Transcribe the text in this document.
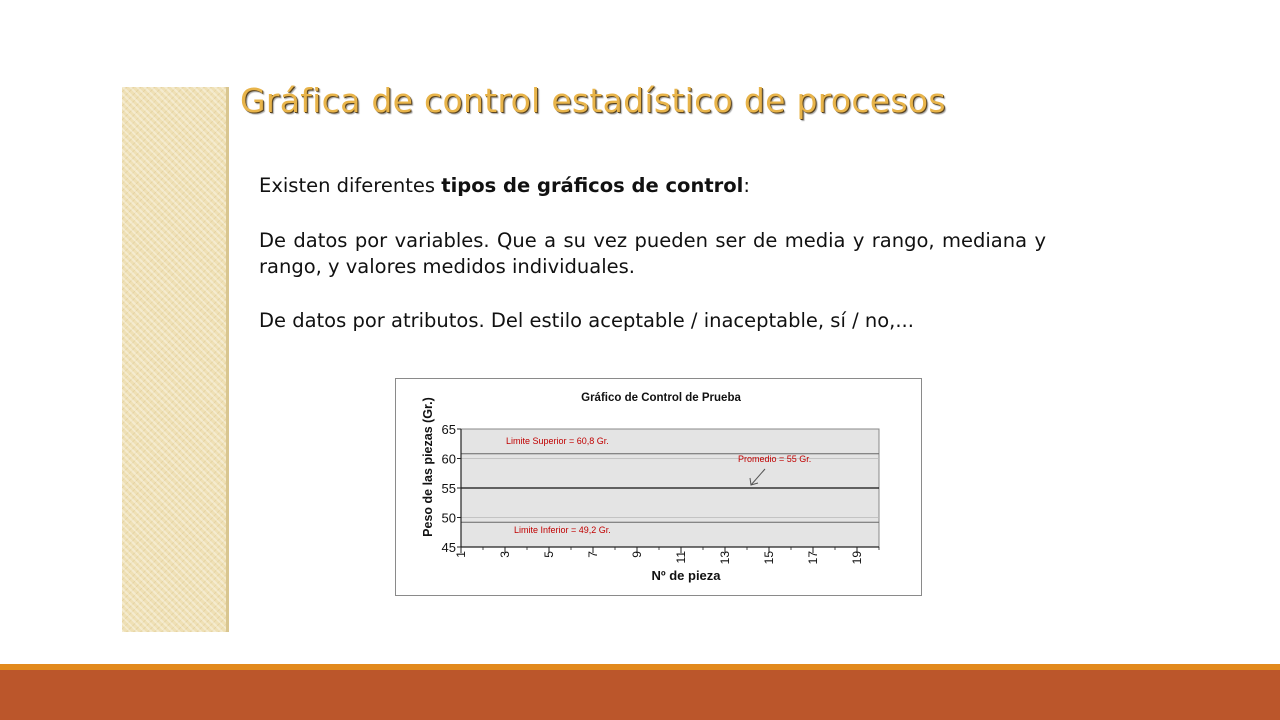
Gráfica de control estadístico de procesos

Existen diferentes tipos de gráficos de control:

De datos por variables. Que a su vez pueden ser de media y rango, mediana y rango, y valores medidos individuales.

De datos por atributos. Del estilo aceptable / inaceptable, sí / no,...

45
50
55
60
65
1	3	5	7	9	11	13	15	17	19
Gráfico de Control de Prueba
Nº de pieza
Peso de las piezas (Gr.)	Limite Superior = 60,8 Gr.
Promedio = 55 Gr.
Limite Inferior = 49,2 Gr.
